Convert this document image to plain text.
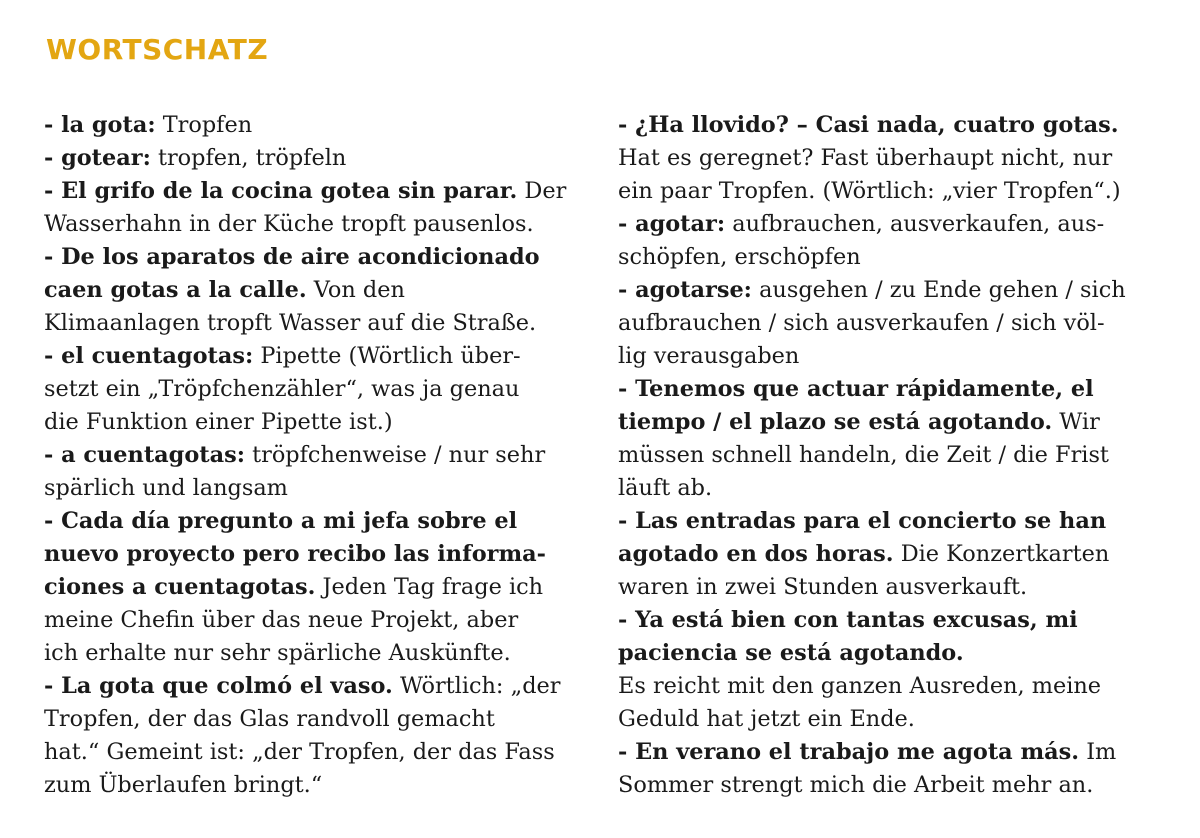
WORTSCHATZ
- la gota: Tropfen
- gotear: tropfen, tröpfeln
- El grifo de la cocina gotea sin parar. Der
Wasserhahn in der Küche tropft pausenlos.
- De los aparatos de aire acondicionado
caen gotas a la calle. Von den
Klimaanlagen tropft Wasser auf die Straße.
- el cuentagotas: Pipette (Wörtlich über-
setzt ein „Tröpfchenzähler“, was ja genau
die Funktion einer Pipette ist.)
- a cuentagotas: tröpfchenweise / nur sehr
spärlich und langsam
- Cada día pregunto a mi jefa sobre el
nuevo proyecto pero recibo las informa-
ciones a cuentagotas. Jeden Tag frage ich
meine Chefin über das neue Projekt, aber
ich erhalte nur sehr spärliche Auskünfte.
- La gota que colmó el vaso. Wörtlich: „der
Tropfen, der das Glas randvoll gemacht
hat.“ Gemeint ist: „der Tropfen, der das Fass
zum Überlaufen bringt.“
- ¿Ha llovido? – Casi nada, cuatro gotas.
Hat es geregnet? Fast überhaupt nicht, nur
ein paar Tropfen. (Wörtlich: „vier Tropfen“.)
- agotar: aufbrauchen, ausverkaufen, aus-
schöpfen, erschöpfen
- agotarse: ausgehen / zu Ende gehen / sich
aufbrauchen / sich ausverkaufen / sich völ-
lig verausgaben
- Tenemos que actuar rápidamente, el
tiempo / el plazo se está agotando. Wir
müssen schnell handeln, die Zeit / die Frist
läuft ab.
- Las entradas para el concierto se han
agotado en dos horas. Die Konzertkarten
waren in zwei Stunden ausverkauft.
- Ya está bien con tantas excusas, mi
paciencia se está agotando.
Es reicht mit den ganzen Ausreden, meine
Geduld hat jetzt ein Ende.
- En verano el trabajo me agota más. Im
Sommer strengt mich die Arbeit mehr an.
